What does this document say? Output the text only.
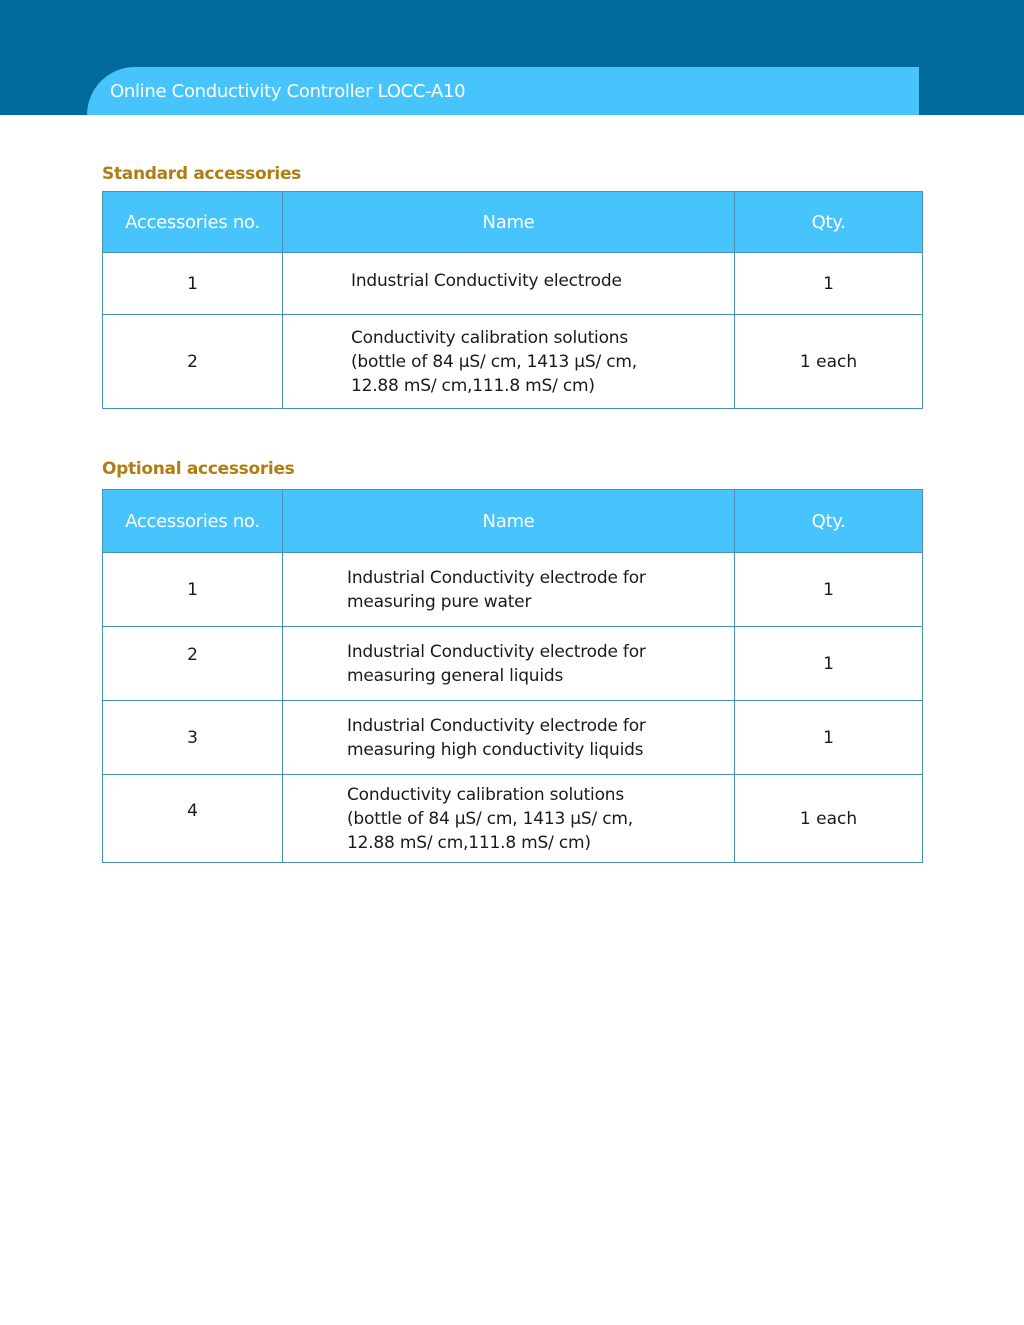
Online Conductivity Controller LOCC-A10
Standard accessories
Accessories no.	Name	Qty.
1	Industrial Conductivity electrode	1
2	Conductivity calibration solutions
(bottle of 84 µS/ cm, 1413 µS/ cm,
12.88 mS/ cm,111.8 mS/ cm)	1 each
Optional accessories
Accessories no.	Name	Qty.
1	Industrial Conductivity electrode for
measuring pure water	1
2	Industrial Conductivity electrode for
measuring general liquids	1
3	Industrial Conductivity electrode for
measuring high conductivity liquids	1
4	Conductivity calibration solutions
(bottle of 84 µS/ cm, 1413 µS/ cm,
12.88 mS/ cm,111.8 mS/ cm)	1 each
